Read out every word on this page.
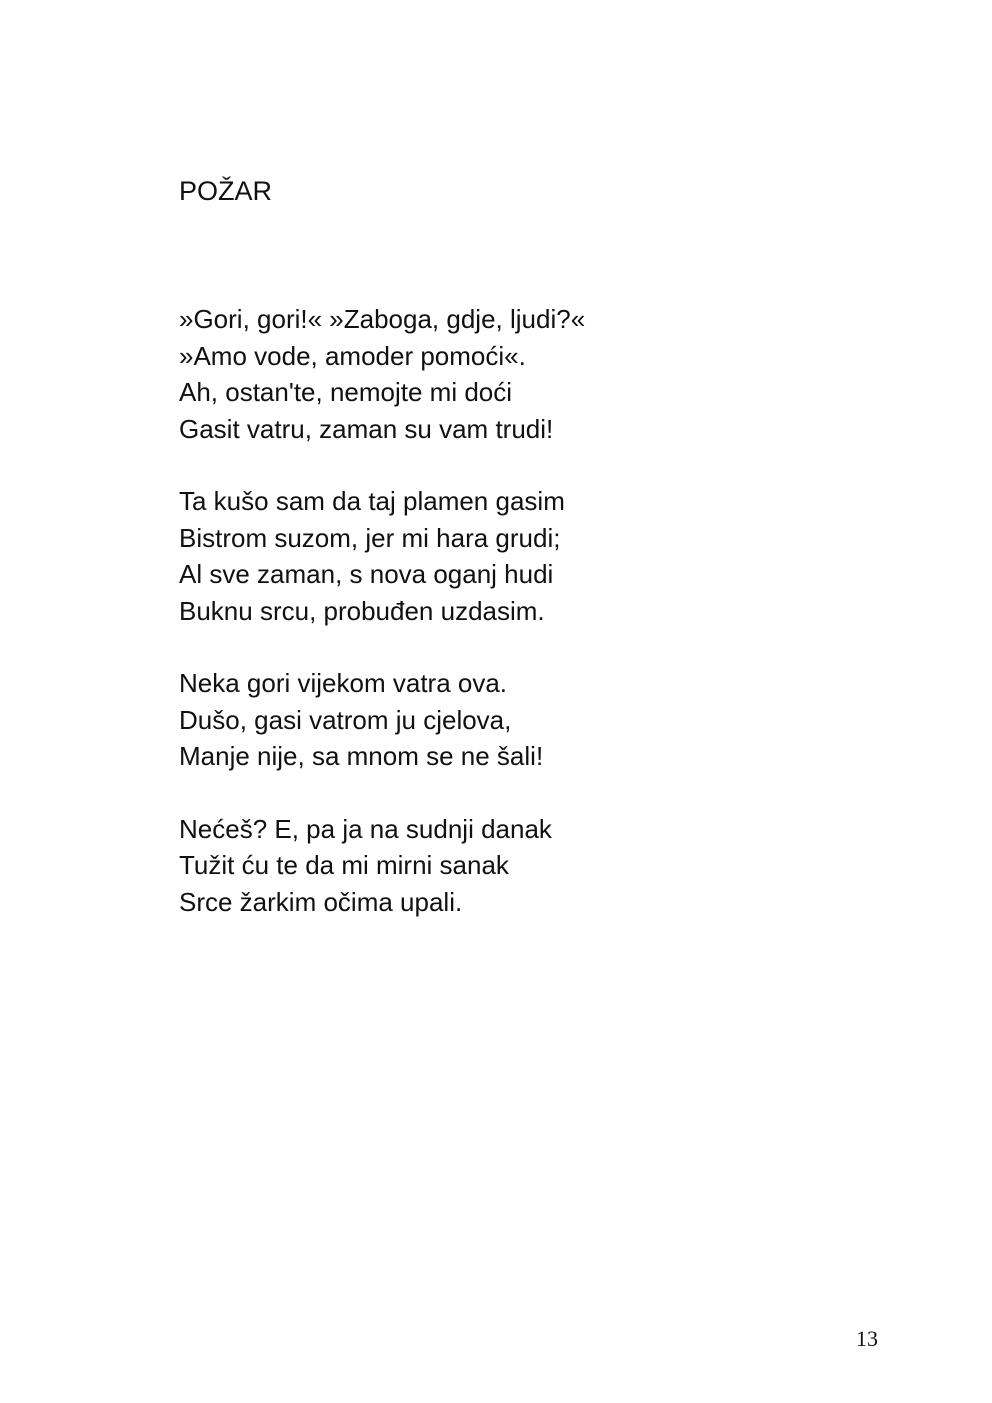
POŽAR
»Gori, gori!« »Zaboga, gdje, ljudi?«
»Amo vode, amoder pomoći«.
Ah, ostan'te, nemojte mi doći
Gasit vatru, zaman su vam trudi!
Ta kušo sam da taj plamen gasim
Bistrom suzom, jer mi hara grudi;
Al sve zaman, s nova oganj hudi
Buknu srcu, probuđen uzdasim.
Neka gori vijekom vatra ova.
Dušo, gasi vatrom ju cjelova,
Manje nije, sa mnom se ne šali!
Nećeš? E, pa ja na sudnji danak
Tužit ću te da mi mirni sanak
Srce žarkim očima upali.
13
